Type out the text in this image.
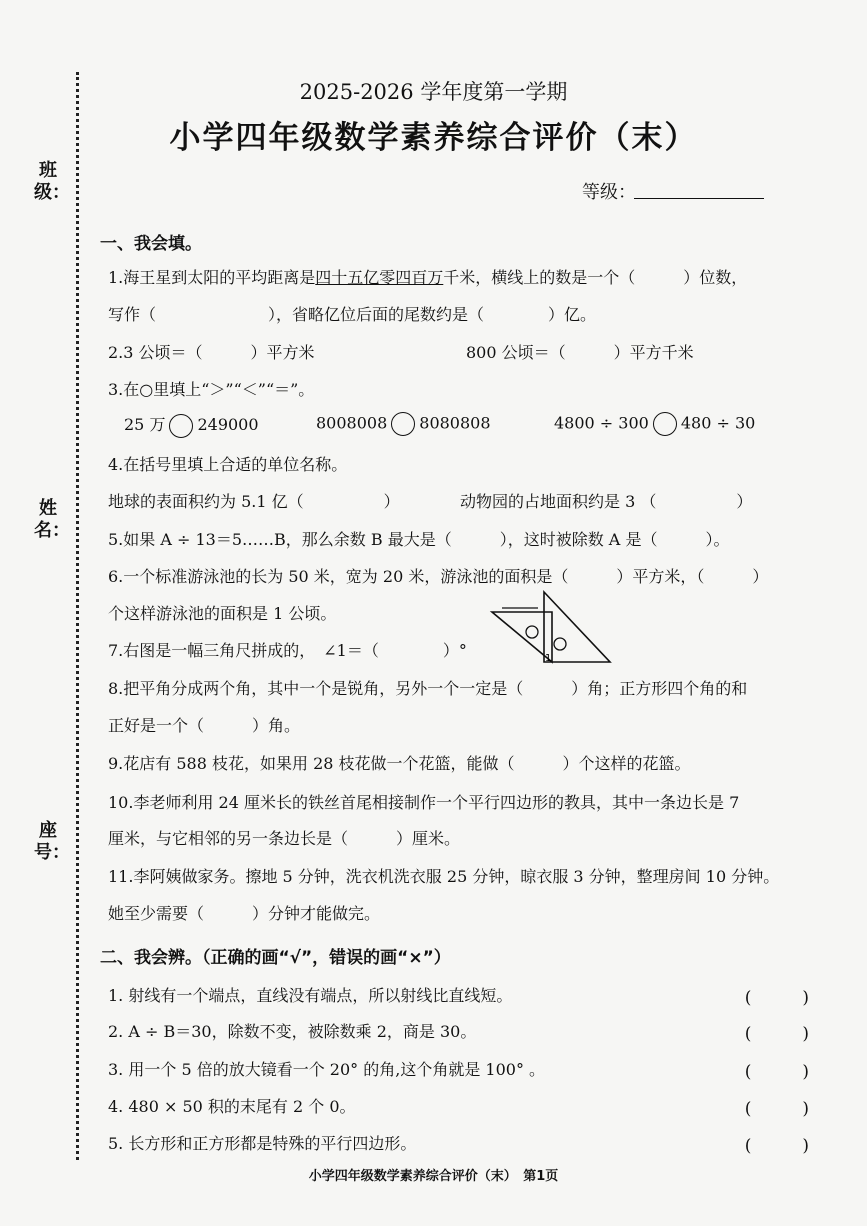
班级：
姓名：
座号：
2025-2026 学年度第一学期
小学四年级数学素养综合评价（末）
等级：
一、我会填。
1.海王星到太阳的平均距离是四十五亿零四百万千米，横线上的数是一个（　　　）位数，
写作（　　　　　　　），省略亿位后面的尾数约是（　　　　）亿。
2.3 公顷＝（　　　）平方米	800 公顷＝（　　　）平方千米
3.在○里填上“＞”“＜”“＝”。
25 万 249000	8008008 8080808	4800 ÷ 300 480 ÷ 30
4.在括号里填上合适的单位名称。
地球的表面积约为 5.1 亿（　　　　　）	动物园的占地面积约是 3 （　　　　　）
5.如果 A ÷ 13＝5……B，那么余数 B 最大是（　　　），这时被除数 A 是（　　　）。
6.一个标准游泳池的长为 50 米，宽为 20 米，游泳池的面积是（　　　）平方米，（　　　）
个这样游泳池的面积是 1 公顷。
7.右图是一幅三角尺拼成的，　∠1＝（　　　　）°	1
8.把平角分成两个角，其中一个是锐角，另外一个一定是（　　　）角；正方形四个角的和
正好是一个（　　　）角。
9.花店有 588 枝花，如果用 28 枝花做一个花篮，能做（　　　）个这样的花篮。
10.李老师利用 24 厘米长的铁丝首尾相接制作一个平行四边形的教具，其中一条边长是 7
厘米，与它相邻的另一条边长是（　　　）厘米。
11.李阿姨做家务。擦地 5 分钟，洗衣机洗衣服 25 分钟，晾衣服 3 分钟，整理房间 10 分钟。
她至少需要（　　　）分钟才能做完。
二、我会辨。（正确的画“√”，错误的画“×”）
1. 射线有一个端点，直线没有端点，所以射线比直线短。	(　　　)
2. A ÷ B＝30，除数不变，被除数乘 2，商是 30。	(　　　)
3. 用一个 5 倍的放大镜看一个 20° 的角,这个角就是 100° 。	(　　　)
4. 480 × 50 积的末尾有 2 个 0。	(　　　)
5. 长方形和正方形都是特殊的平行四边形。	(　　　)
小学四年级数学素养综合评价（末）　第1页
